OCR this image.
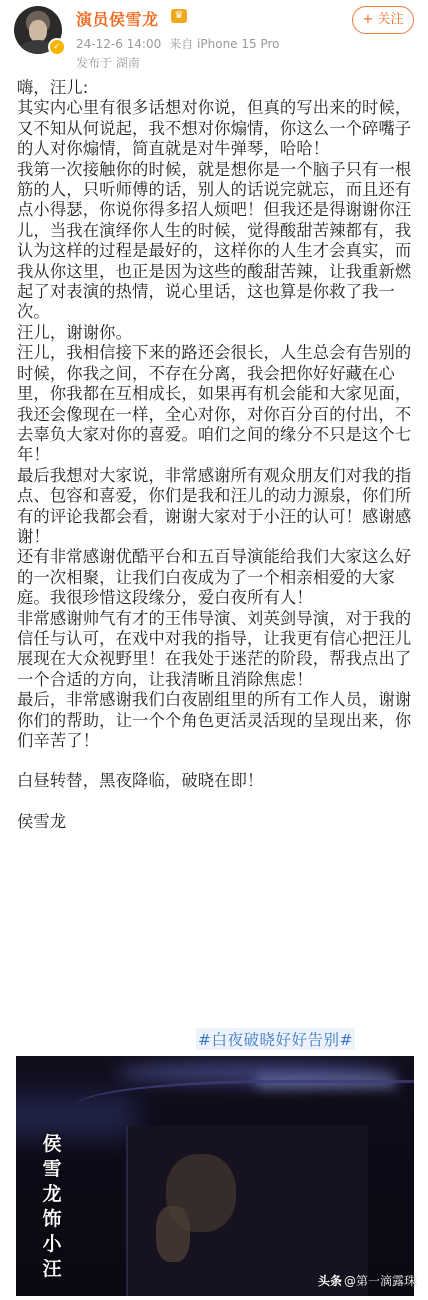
✓
演员侯雪龙	♛
24-12-6 14:00 来自 iPhone 15 Pro
发布于 湖南
+ 关注

嗨，汪儿:

其实内心里有很多话想对你说，但真的写出来的时候，又不知从何说起，我不想对你煽情，你这么一个碎嘴子的人对你煽情，简直就是对牛弹琴，哈哈！

我第一次接触你的时候，就是想你是一个脑子只有一根筋的人，只听师傅的话，别人的话说完就忘，而且还有点小得瑟，你说你得多招人烦吧！但我还是得谢谢你汪儿，当我在演绎你人生的时候，觉得酸甜苦辣都有，我认为这样的过程是最好的，这样你的人生才会真实，而我从你这里，也正是因为这些的酸甜苦辣，让我重新燃起了对表演的热情，说心里话，这也算是你救了我一次。

汪儿，谢谢你。

汪儿，我相信接下来的路还会很长，人生总会有告别的时候，你我之间，不存在分离，我会把你好好藏在心里，你我都在互相成长，如果再有机会能和大家见面，我还会像现在一样，全心对你，对你百分百的付出，不去辜负大家对你的喜爱。咱们之间的缘分不只是这个七年！

最后我想对大家说，非常感谢所有观众朋友们对我的指点、包容和喜爱，你们是我和汪儿的动力源泉，你们所有的评论我都会看，谢谢大家对于小汪的认可！感谢感谢！

还有非常感谢优酷平台和五百导演能给我们大家这么好的一次相聚，让我们白夜成为了一个相亲相爱的大家庭。我很珍惜这段缘分，爱白夜所有人！

非常感谢帅气有才的王伟导演、刘英剑导演，对于我的信任与认可，在戏中对我的指导，让我更有信心把汪儿展现在大众视野里！在我处于迷茫的阶段，帮我点出了一个合适的方向，让我清晰且消除焦虑！

最后，非常感谢我们白夜剧组里的所有工作人员，谢谢你们的帮助，让一个个角色更活灵活现的呈现出来，你们辛苦了！

白昼转替，黑夜降临，破晓在即！

侯雪龙

#白夜破晓好好告别#
侯
雪
龙
饰
小
汪
头条 @第一滴露珠
